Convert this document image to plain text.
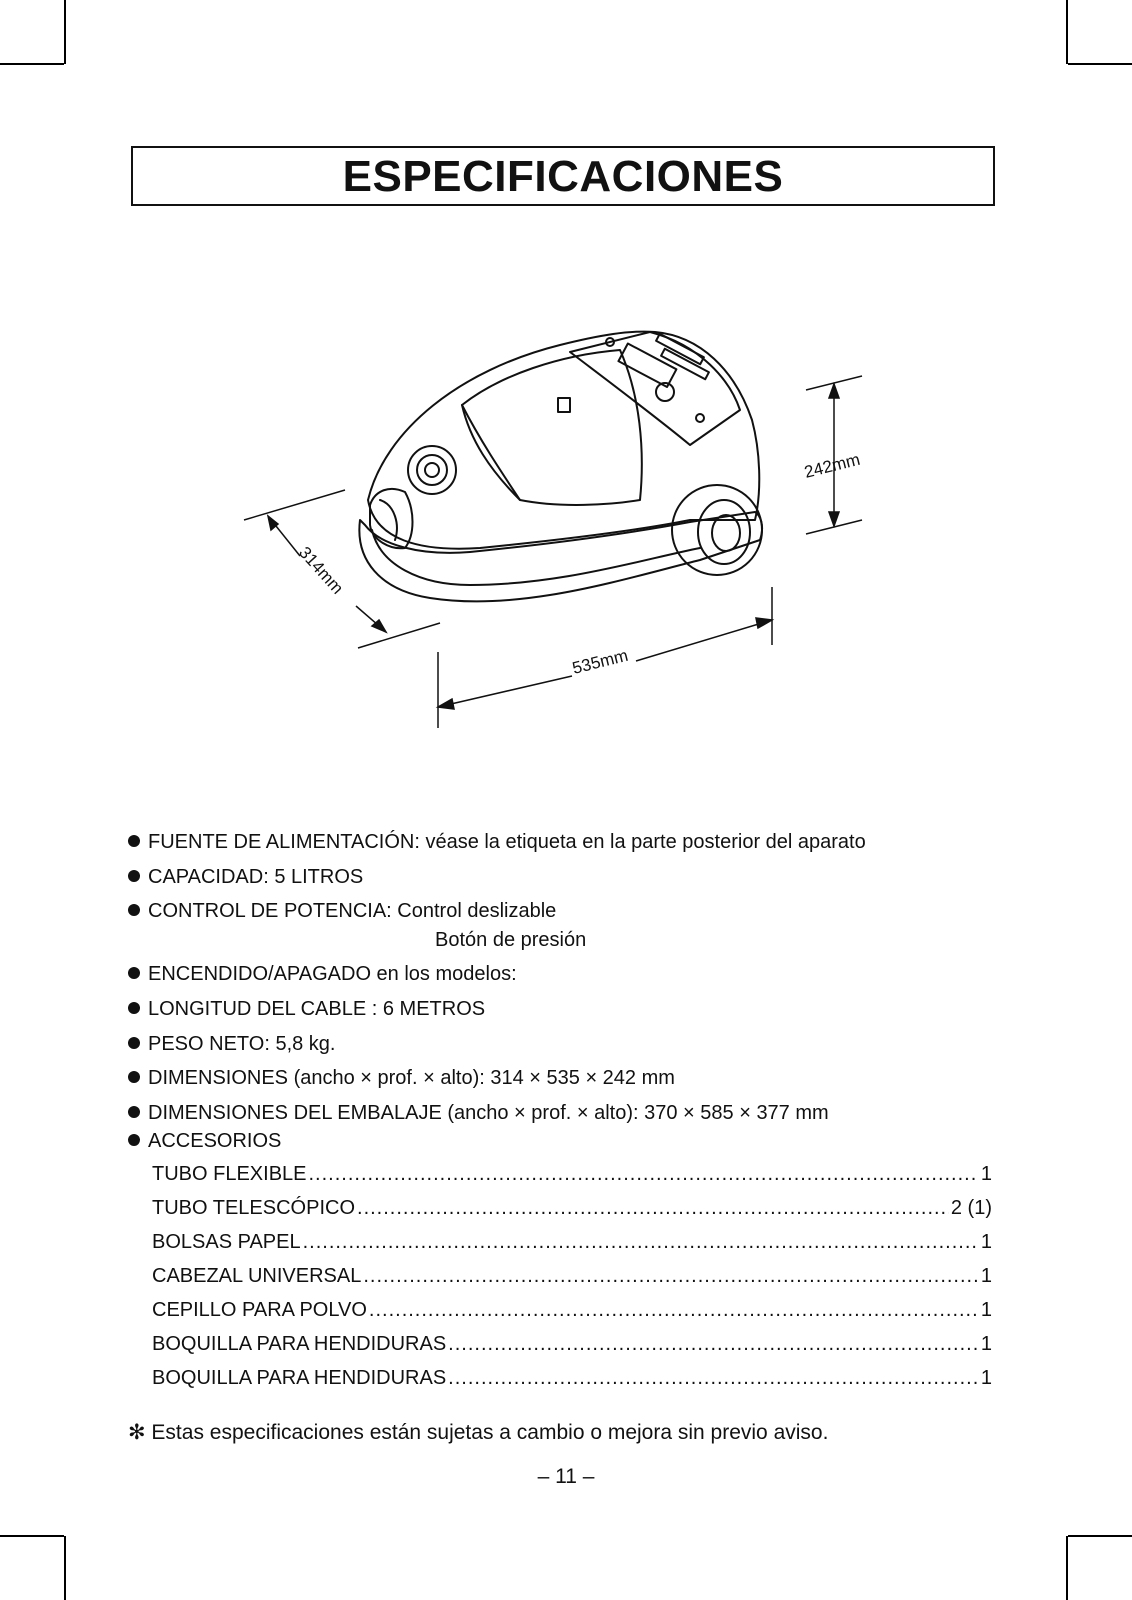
ESPECIFICACIONES
242mm
314mm
535mm
FUENTE DE ALIMENTACIÓN: véase la etiqueta en la parte posterior del aparato
CAPACIDAD: 5 LITROS
CONTROL DE POTENCIA: Control deslizable
Botón de presión
ENCENDIDO/APAGADO en los modelos:
LONGITUD DEL CABLE : 6 METROS
PESO NETO: 5,8 kg.
DIMENSIONES (ancho × prof. × alto): 314 × 535 × 242 mm
DIMENSIONES DEL EMBALAJE (ancho × prof. × alto): 370 × 585 × 377 mm
ACCESORIOS
TUBO FLEXIBLE .....	1
TUBO TELESCÓPICO .....	2 (1)
BOLSAS PAPEL .....	1
CABEZAL UNIVERSAL .....	1
CEPILLO PARA POLVO .....	1
BOQUILLA PARA HENDIDURAS .....	1
BOQUILLA PARA HENDIDURAS .....	1
✻ Estas especificaciones están sujetas a cambio o mejora sin previo aviso.
– 11 –
